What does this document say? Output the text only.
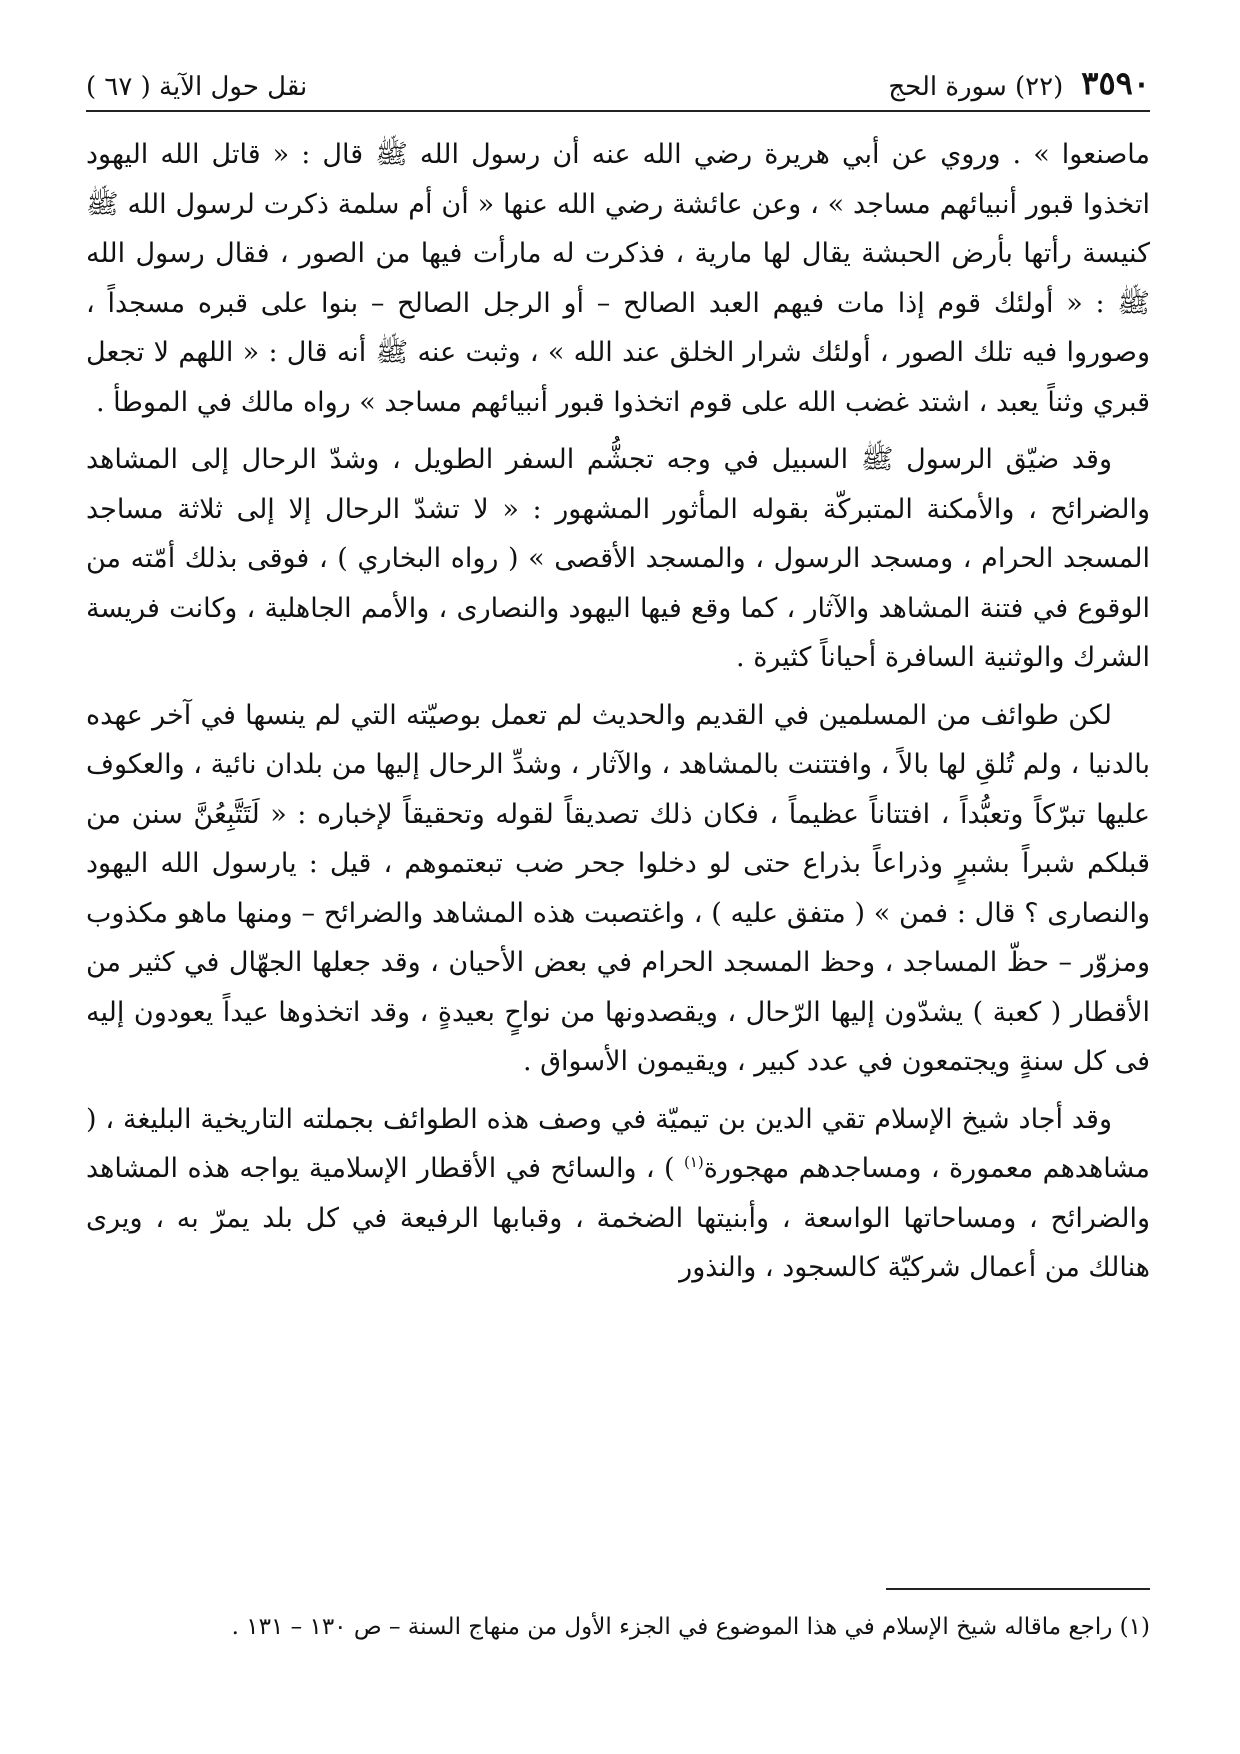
٣٥٩٠
(٢٢) سورة الحج
نقل حول الآية ( ٦٧ )

ماصنعوا » . وروي عن أبي هريرة رضي الله عنه أن رسول الله ﷺ قال : « قاتل الله اليهود اتخذوا قبور أنبيائهم مساجد » ، وعن عائشة رضي الله عنها « أن أم سلمة ذكرت لرسول الله ﷺ كنيسة رأتها بأرض الحبشة يقال لها مارية ، فذكرت له مارأت فيها من الصور ، فقال رسول الله ﷺ : « أولئك قوم إذا مات فيهم العبد الصالح – أو الرجل الصالح – بنوا على قبره مسجداً ، وصوروا فيه تلك الصور ، أولئك شرار الخلق عند الله » ، وثبت عنه ﷺ أنه قال : « اللهم لا تجعل قبري وثناً يعبد ، اشتد غضب الله على قوم اتخذوا قبور أنبيائهم مساجد » رواه مالك في الموطأ .

وقد ضيّق الرسول ﷺ السبيل في وجه تجشُّم السفر الطويل ، وشدّ الرحال إلى المشاهد والضرائح ، والأمكنة المتبركّة بقوله المأثور المشهور : « لا تشدّ الرحال إلا إلى ثلاثة مساجد المسجد الحرام ، ومسجد الرسول ، والمسجد الأقصى » ( رواه البخاري ) ، فوقى بذلك أمّته من الوقوع في فتنة المشاهد والآثار ، كما وقع فيها اليهود والنصارى ، والأمم الجاهلية ، وكانت فريسة الشرك والوثنية السافرة أحياناً كثيرة .

لكن طوائف من المسلمين في القديم والحديث لم تعمل بوصيّته التي لم ينسها في آخر عهده بالدنيا ، ولم تُلقِ لها بالاً ، وافتتنت بالمشاهد ، والآثار ، وشدِّ الرحال إليها من بلدان نائية ، والعكوف عليها تبرّكاً وتعبُّداً ، افتتاناً عظيماً ، فكان ذلك تصديقاً لقوله وتحقيقاً لإخباره : « لَتَتَّبِعُنَّ سنن من قبلكم شبراً بشبرٍ وذراعاً بذراع حتى لو دخلوا جحر ضب تبعتموهم ، قيل : يارسول الله اليهود والنصارى ؟ قال : فمن » ( متفق عليه ) ، واغتصبت هذه المشاهد والضرائح – ومنها ماهو مكذوب ومزوّر – حظّ المساجد ، وحظ المسجد الحرام في بعض الأحيان ، وقد جعلها الجهّال في كثير من الأقطار ( كعبة ) يشدّون إليها الرّحال ، ويقصدونها من نواحٍ بعيدةٍ ، وقد اتخذوها عيداً يعودون إليه فى كل سنةٍ ويجتمعون في عدد كبير ، ويقيمون الأسواق .

وقد أجاد شيخ الإسلام تقي الدين بن تيميّة في وصف هذه الطوائف بجملته التاريخية البليغة ، ( مشاهدهم معمورة ، ومساجدهم مهجورة$^{(١)}$ ) ، والسائح في الأقطار الإسلامية يواجه هذه المشاهد والضرائح ، ومساحاتها الواسعة ، وأبنيتها الضخمة ، وقبابها الرفيعة في كل بلد يمرّ به ، ويرى هنالك من أعمال شركيّة كالسجود ، والنذور

(١) راجع ماقاله شيخ الإسلام في هذا الموضوع في الجزء الأول من منهاج السنة – ص ١٣٠ – ١٣١ .
